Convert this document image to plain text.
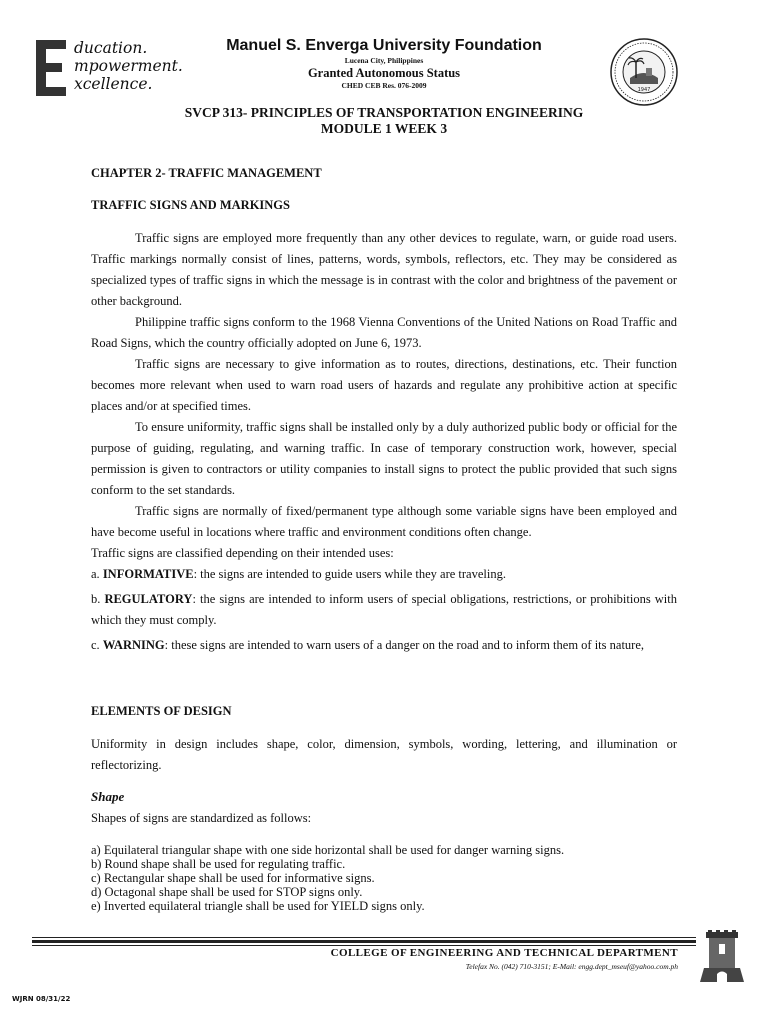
ducation.
mpowerment.
xcellence.
Manuel S. Enverga University Foundation
Lucena City, Philippines
Granted Autonomous Status
CHED CEB Res. 076-2009	1947
SVCP 313- PRINCIPLES OF TRANSPORTATION ENGINEERING
MODULE 1 WEEK 3
CHAPTER 2- TRAFFIC MANAGEMENT
TRAFFIC SIGNS AND MARKINGS

Traffic signs are employed more frequently than any other devices to regulate, warn, or guide road users. Traffic markings normally consist of lines, patterns, words, symbols, reflectors, etc. They may be considered as specialized types of traffic signs in which the message is in contrast with the color and brightness of the pavement or other background.

Philippine traffic signs conform to the 1968 Vienna Conventions of the United Nations on Road Traffic and Road Signs, which the country officially adopted on June 6, 1973.

Traffic signs are necessary to give information as to routes, directions, destinations, etc. Their function becomes more relevant when used to warn road users of hazards and regulate any prohibitive action at specific places and/or at specified times.

To ensure uniformity, traffic signs shall be installed only by a duly authorized public body or official for the purpose of guiding, regulating, and warning traffic. In case of temporary construction work, however, special permission is given to contractors or utility companies to install signs to protect the public provided that such signs conform to the set standards.

Traffic signs are normally of fixed/permanent type although some variable signs have been employed and have become useful in locations where traffic and environment conditions often change.

Traffic signs are classified depending on their intended uses:

a. INFORMATIVE: the signs are intended to guide users while they are traveling.

b. REGULATORY: the signs are intended to inform users of special obligations, restrictions, or prohibitions with which they must comply.

c. WARNING: these signs are intended to warn users of a danger on the road and to inform them of its nature,

ELEMENTS OF DESIGN
Uniformity in design includes shape, color, dimension, symbols, wording, lettering, and illumination or reflectorizing.
Shape
Shapes of signs are standardized as follows:
a) Equilateral triangular shape with one side horizontal shall be used for danger warning signs.
b) Round shape shall be used for regulating traffic.
c) Rectangular shape shall be used for informative signs.
d) Octagonal shape shall be used for STOP signs only.
e) Inverted equilateral triangle shall be used for YIELD signs only.
COLLEGE OF ENGINEERING AND TECHNICAL DEPARTMENT
Telefax No. (042) 710-3151; E-Mail: engg.dept_mseuf@yahoo.com.ph
WJRN 08/31/22
